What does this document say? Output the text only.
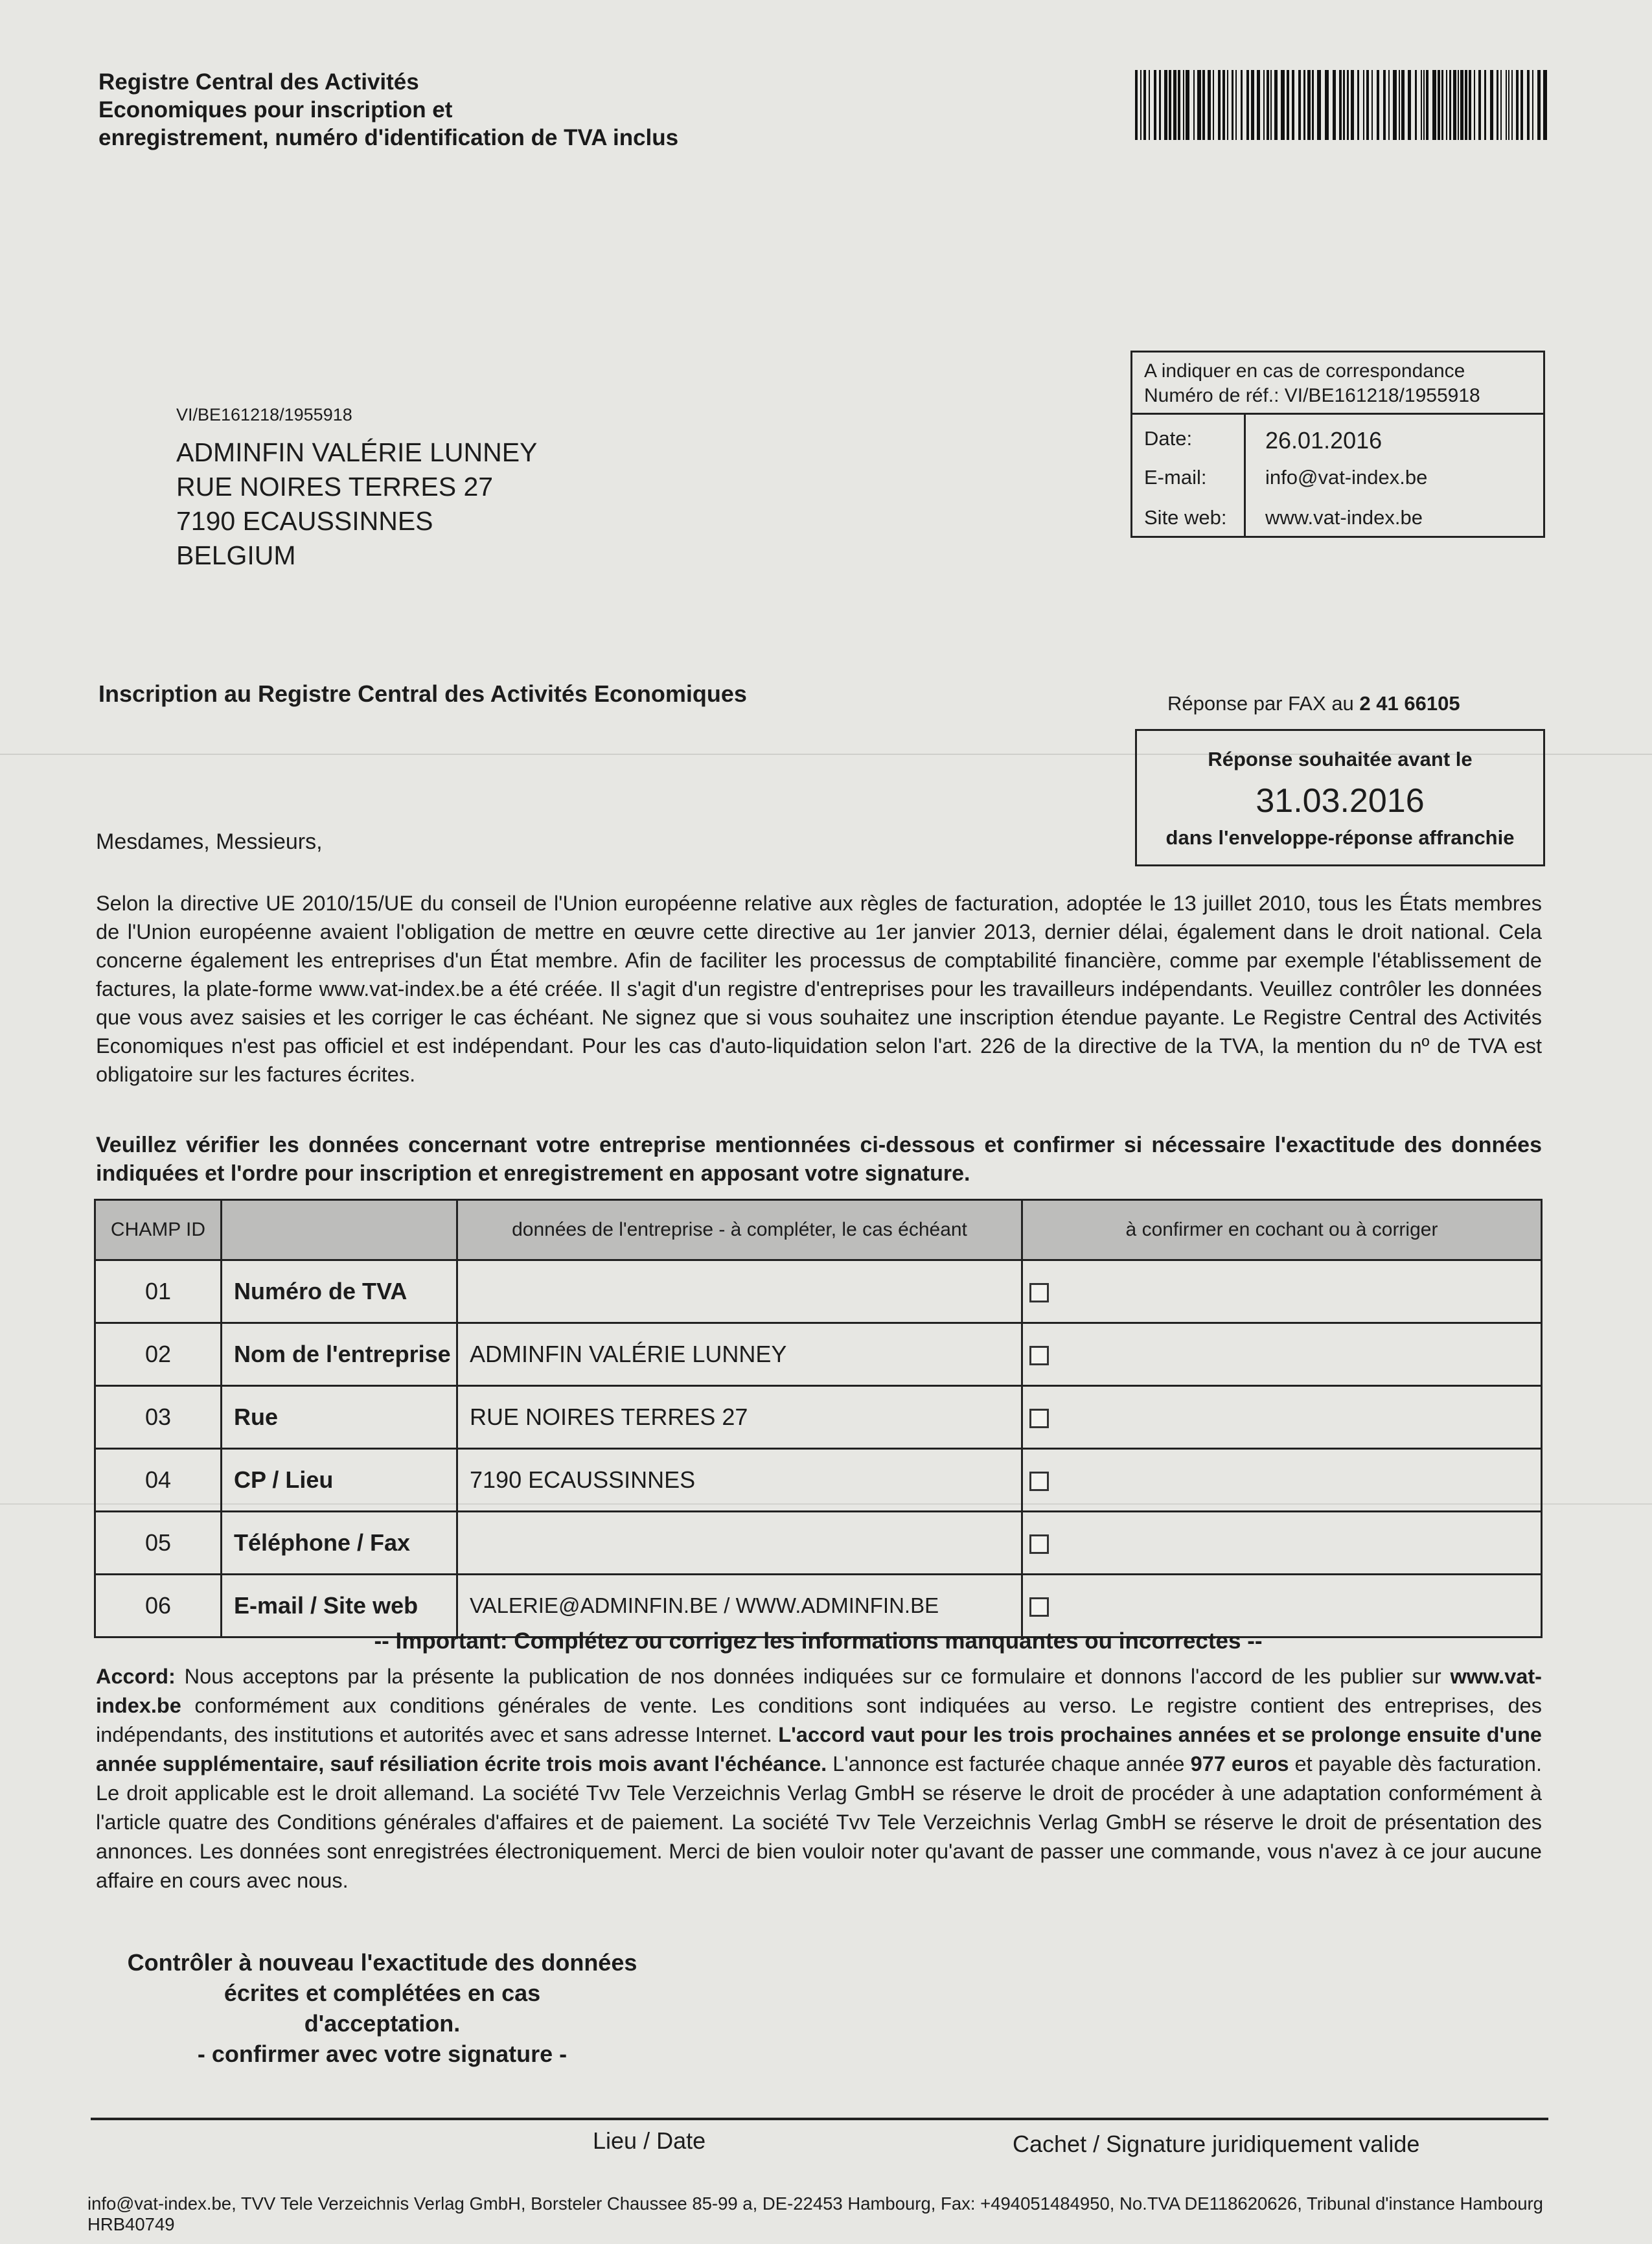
Registre Central des Activités
Economiques pour inscription et
enregistrement, numéro d'identification de TVA inclus
VI/BE161218/1955918
ADMINFIN VALÉRIE LUNNEY
RUE NOIRES TERRES 27
7190 ECAUSSINNES
BELGIUM
A indiquer en cas de correspondance
Numéro de réf.: VI/BE161218/1955918
Date:	26.01.2016
E-mail:	info@vat-index.be
Site web: www.vat-index.be
Inscription au Registre Central des Activités Economiques	Réponse par FAX au 2 41 66105
Réponse souhaitée avant le
31.03.2016
dans l'enveloppe-réponse affranchie
Mesdames, Messieurs,
Selon la directive UE 2010/15/UE du conseil de l'Union européenne relative aux règles de facturation, adoptée le 13 juillet 2010, tous les États membres de l'Union européenne avaient l'obligation de mettre en œuvre cette directive au 1er janvier 2013, dernier délai, également dans le droit national. Cela concerne également les entreprises d'un État membre. Afin de faciliter les processus de comptabilité financière, comme par exemple l'établissement de factures, la plate-forme www.vat-index.be a été créée. Il s'agit d'un registre d'entreprises pour les travailleurs indépendants. Veuillez contrôler les données que vous avez saisies et les corriger le cas échéant. Ne signez que si vous souhaitez une inscription étendue payante. Le Registre Central des Activités Economiques n'est pas officiel et est indépendant. Pour les cas d'auto-liquidation selon l'art. 226 de la directive de la TVA, la mention du nº de TVA est obligatoire sur les factures écrites.
Veuillez vérifier les données concernant votre entreprise mentionnées ci-dessous et confirmer si nécessaire l'exactitude des données indiquées et l'ordre pour inscription et enregistrement en apposant votre signature.
CHAMP ID		données de l'entreprise - à compléter, le cas échéant	à confirmer en cochant ou à corriger
01	Numéro de TVA		
02	Nom de l'entreprise	ADMINFIN VALÉRIE LUNNEY	
03	Rue	RUE NOIRES TERRES 27	
04	CP / Lieu	7190 ECAUSSINNES	
05	Téléphone / Fax		
06	E-mail / Site web	VALERIE@ADMINFIN.BE / WWW.ADMINFIN.BE	
-- Important: Complétez ou corrigez les informations manquantes ou incorrectes --
Accord: Nous acceptons par la présente la publication de nos données indiquées sur ce formulaire et donnons l'accord de les publier sur www.vat-index.be conformément aux conditions générales de vente. Les conditions sont indiquées au verso. Le registre contient des entreprises, des indépendants, des institutions et autorités avec et sans adresse Internet. L'accord vaut pour les trois prochaines années et se prolonge ensuite d'une année supplémentaire, sauf résiliation écrite trois mois avant l'échéance. L'annonce est facturée chaque année 977 euros et payable dès facturation. Le droit applicable est le droit allemand. La société Tvv Tele Verzeichnis Verlag GmbH se réserve le droit de procéder à une adaptation conformément à l'article quatre des Conditions générales d'affaires et de paiement. La société Tvv Tele Verzeichnis Verlag GmbH se réserve le droit de présentation des annonces. Les données sont enregistrées électroniquement. Merci de bien vouloir noter qu'avant de passer une commande, vous n'avez à ce jour aucune affaire en cours avec nous.
Contrôler à nouveau l'exactitude des données
écrites et complétées en cas
d'acceptation.
- confirmer avec votre signature -
Lieu / Date	Cachet / Signature juridiquement valide
info@vat-index.be, TVV Tele Verzeichnis Verlag GmbH, Borsteler Chaussee 85-99 a, DE-22453 Hambourg, Fax: +494051484950, No.TVA DE118620626, Tribunal d'instance Hambourg HRB40749
